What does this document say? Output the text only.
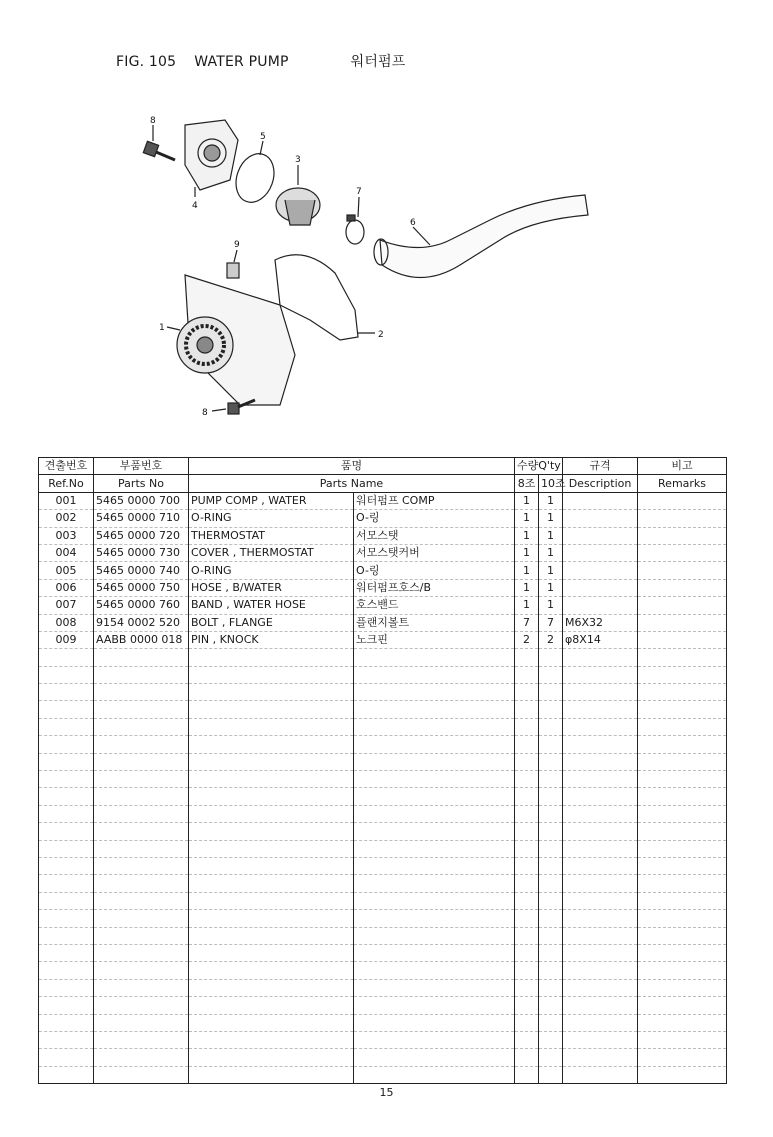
FIG. 105 WATER PUMP	워터펌프
8
4
5
3
7
6
9
1
2
8
견출번호	부품번호	품명		수량Q'ty		규격	비고
Ref.No	Parts No	Parts Name		8조	10조	Description	Remarks
001	5465 0000 700	PUMP COMP , WATER	워터펌프 COMP	1	1		
002	5465 0000 710	O-RING	O-링	1	1		
003	5465 0000 720	THERMOSTAT	서모스탯	1	1		
004	5465 0000 730	COVER , THERMOSTAT	서모스탯커버	1	1		
005	5465 0000 740	O-RING	O-링	1	1		
006	5465 0000 750	HOSE , B/WATER	워터펌프호스/B	1	1		
007	5465 0000 760	BAND , WATER HOSE	호스밴드	1	1		
008	9154 0002 520	BOLT , FLANGE	플랜지볼트	7	7	M6X32	
009	AABB 0000 018	PIN , KNOCK	노크핀	2	2	φ8X14	

15
